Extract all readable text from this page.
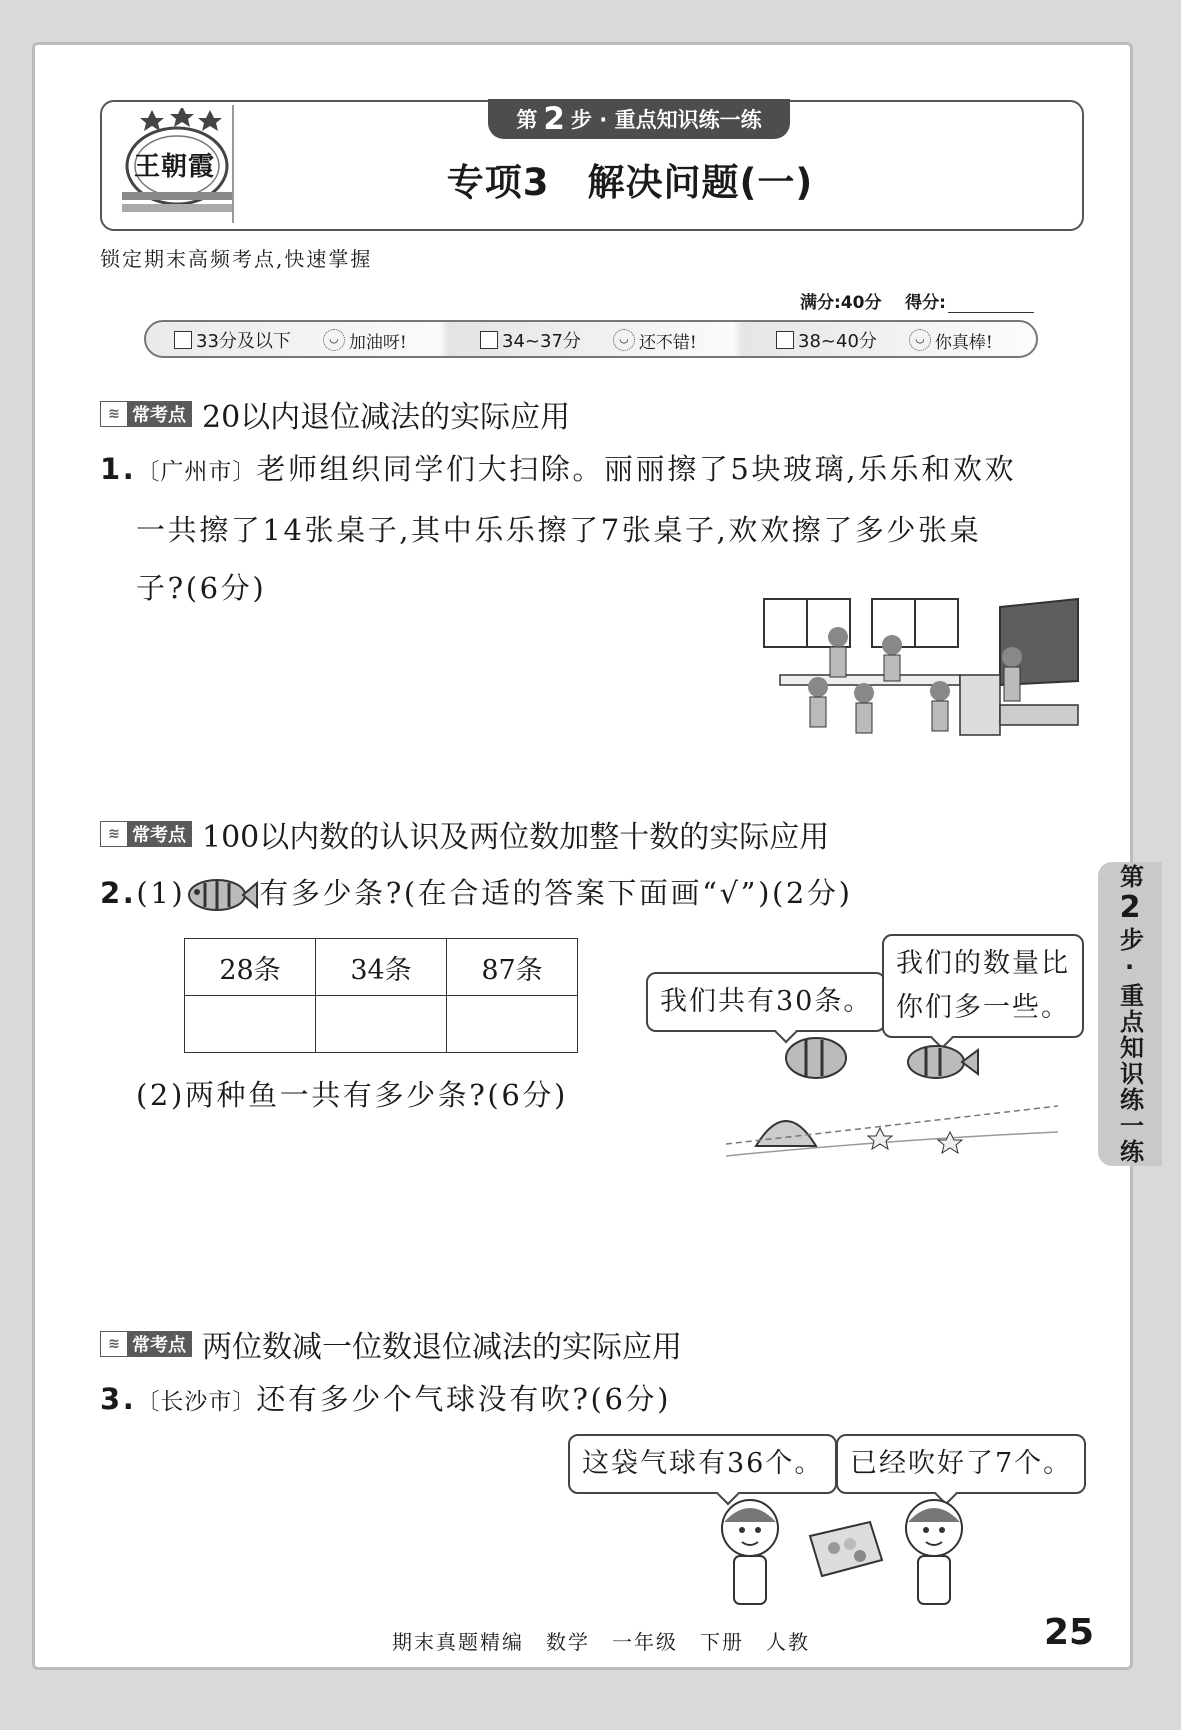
王朝霞
第 2 步 · 重点知识练一练
专项3　解决问题(一)
锁定期末高频考点,快速掌握
满分:40分 得分:
33分及以下	◡ 加油呀!	34~37分	◡ 还不错!	38~40分	◡ 你真棒!
≋ 常考点 20以内退位减法的实际应用
1.〔广州市〕老师组织同学们大扫除。丽丽擦了5块玻璃,乐乐和欢欢
一共擦了14张桌子,其中乐乐擦了7张桌子,欢欢擦了多少张桌
子?(6分)
≋ 常考点 100以内数的认识及两位数加整十数的实际应用
2.(1)	有多少条?(在合适的答案下面画“√”)(2分)
28条	34条	87条

(2)两种鱼一共有多少条?(6分)
我们共有30条。
我们的数量比
你们多一些。
≋ 常考点 两位数减一位数退位减法的实际应用
3.〔长沙市〕还有多少个气球没有吹?(6分)
这袋气球有36个。 已经吹好了7个。
第
2
步·重点知识练一练
期末真题精编　数学　一年级　下册　人教	25
